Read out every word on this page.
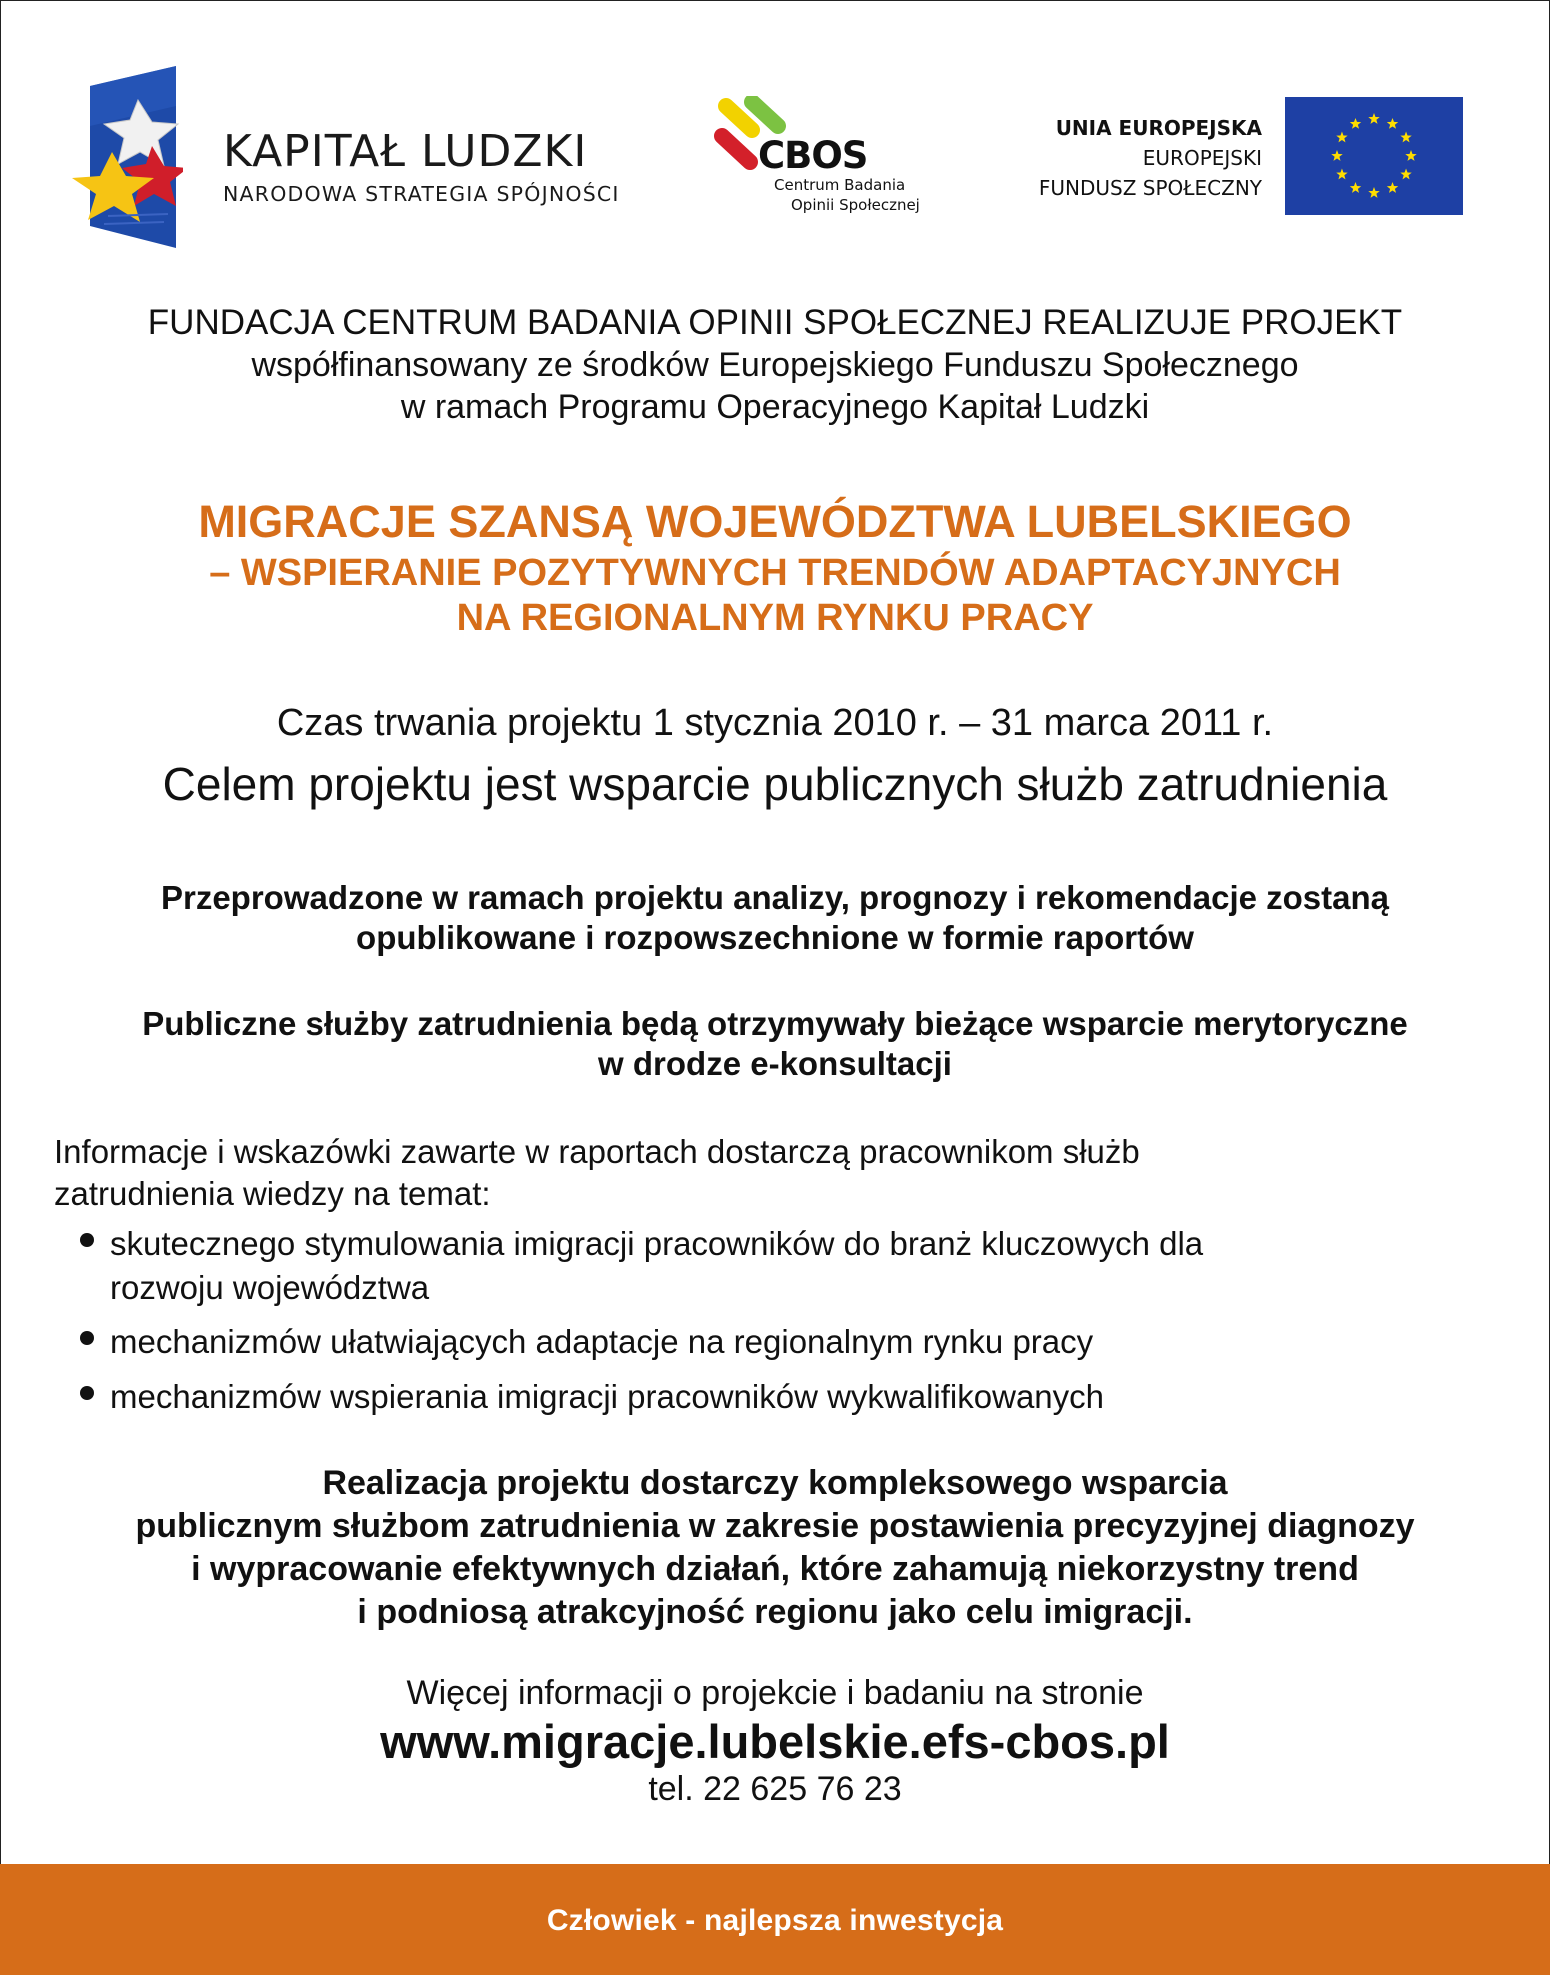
KAPITAŁ LUDZKI
NARODOWA STRATEGIA SPÓJNOŚCI
CBOS
Centrum Badania
Opinii Społecznej
UNIA EUROPEJSKA
EUROPEJSKI
FUNDUSZ SPOŁECZNY
FUNDACJA CENTRUM BADANIA OPINII SPOŁECZNEJ REALIZUJE PROJEKT
współfinansowany ze środków Europejskiego Funduszu Społecznego
w ramach Programu Operacyjnego Kapitał Ludzki
MIGRACJE SZANSĄ WOJEWÓDZTWA LUBELSKIEGO
– WSPIERANIE POZYTYWNYCH TRENDÓW ADAPTACYJNYCH
NA REGIONALNYM RYNKU PRACY
Czas trwania projektu 1 stycznia 2010 r. – 31 marca 2011 r.
Celem projektu jest wsparcie publicznych służb zatrudnienia
Przeprowadzone w ramach projektu analizy, prognozy i rekomendacje zostaną
opublikowane i rozpowszechnione w formie raportów
Publiczne służby zatrudnienia będą otrzymywały bieżące wsparcie merytoryczne
w drodze e-konsultacji

Informacje i wskazówki zawarte w raportach dostarczą pracownikom służb

zatrudnienia wiedzy na temat:

skutecznego stymulowania imigracji pracowników do branż kluczowych dla
rozwoju województwa
mechanizmów ułatwiających adaptacje na regionalnym rynku pracy
mechanizmów wspierania imigracji pracowników wykwalifikowanych
Realizacja projektu dostarczy kompleksowego wsparcia
publicznym służbom zatrudnienia w zakresie postawienia precyzyjnej diagnozy
i wypracowanie efektywnych działań, które zahamują niekorzystny trend
i podniosą atrakcyjność regionu jako celu imigracji.
Więcej informacji o projekcie i badaniu na stronie
www.migracje.lubelskie.efs-cbos.pl
tel. 22 625 76 23
Człowiek - najlepsza inwestycja
